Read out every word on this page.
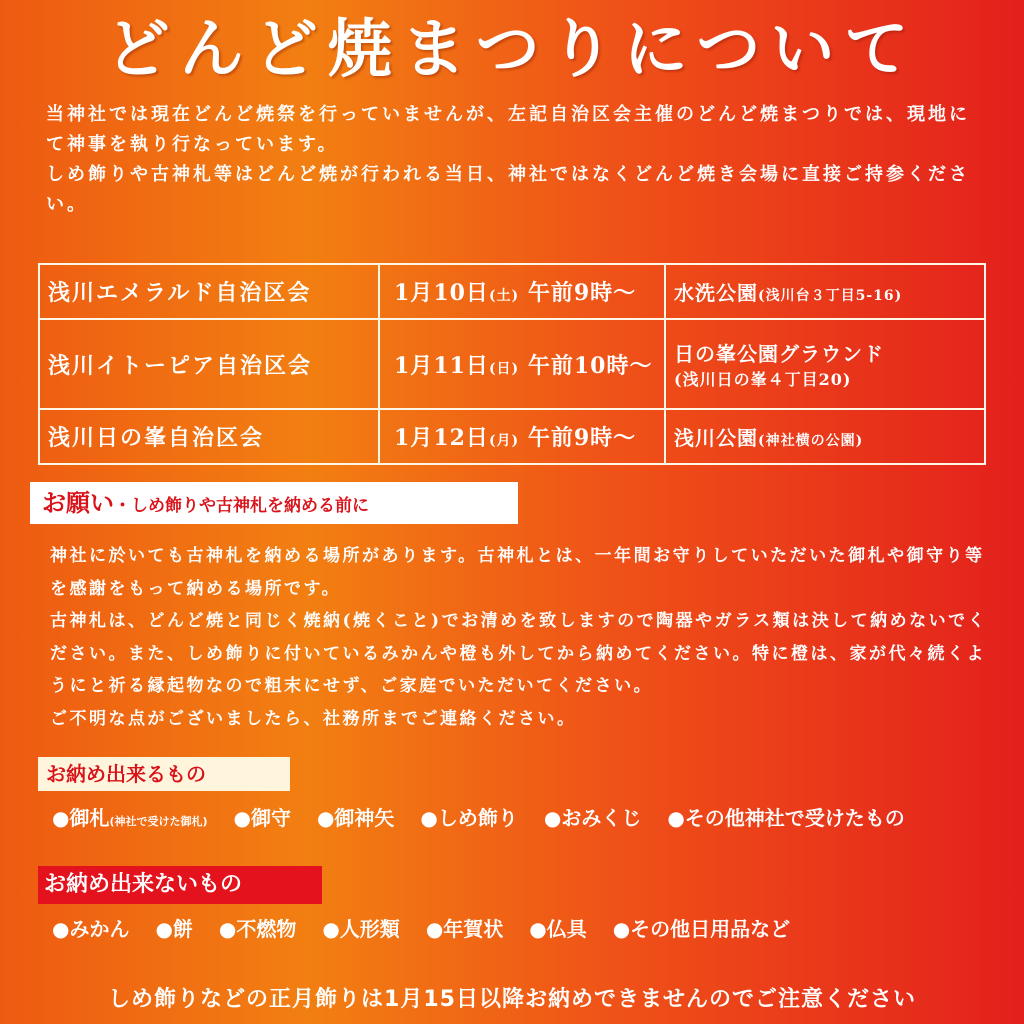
どんど焼まつりについて

当神社では現在どんど焼祭を行っていませんが、左記自治区会主催のどんど焼まつりでは、現地にて神事を執り行なっています。

しめ飾りや古神札等はどんど焼が行われる当日、神社ではなくどんど焼き会場に直接ご持参ください。

浅川エメラルド自治区会	1月10日(土) 午前9時〜	水洗公園(浅川台３丁目5-16)
浅川イトーピア自治区会	1月11日(日) 午前10時〜	日の峯公園グラウンド
(浅川日の峯４丁目20)

浅川日の峯自治区会	1月12日(月) 午前9時〜	浅川公園(神社横の公園)
お願い・しめ飾りや古神札を納める前に

神社に於いても古神札を納める場所があります。古神札とは、一年間お守りしていただいた御札や御守り等を感謝をもって納める場所です。

古神札は、どんど焼と同じく焼納(焼くこと)でお清めを致しますので陶器やガラス類は決して納めないでください。また、しめ飾りに付いているみかんや橙も外してから納めてください。特に橙は、家が代々続くようにと祈る縁起物なので粗末にせず、ご家庭でいただいてください。

ご不明な点がございましたら、社務所までご連絡ください。

お納め出来るもの
●御札(神社で受けた御札) ●御守 ●御神矢 ●しめ飾り ●おみくじ ●その他神社で受けたもの
お納め出来ないもの
●みかん ●餅 ●不燃物 ●人形類 ●年賀状 ●仏具 ●その他日用品など
しめ飾りなどの正月飾りは1月15日以降お納めできませんのでご注意ください
